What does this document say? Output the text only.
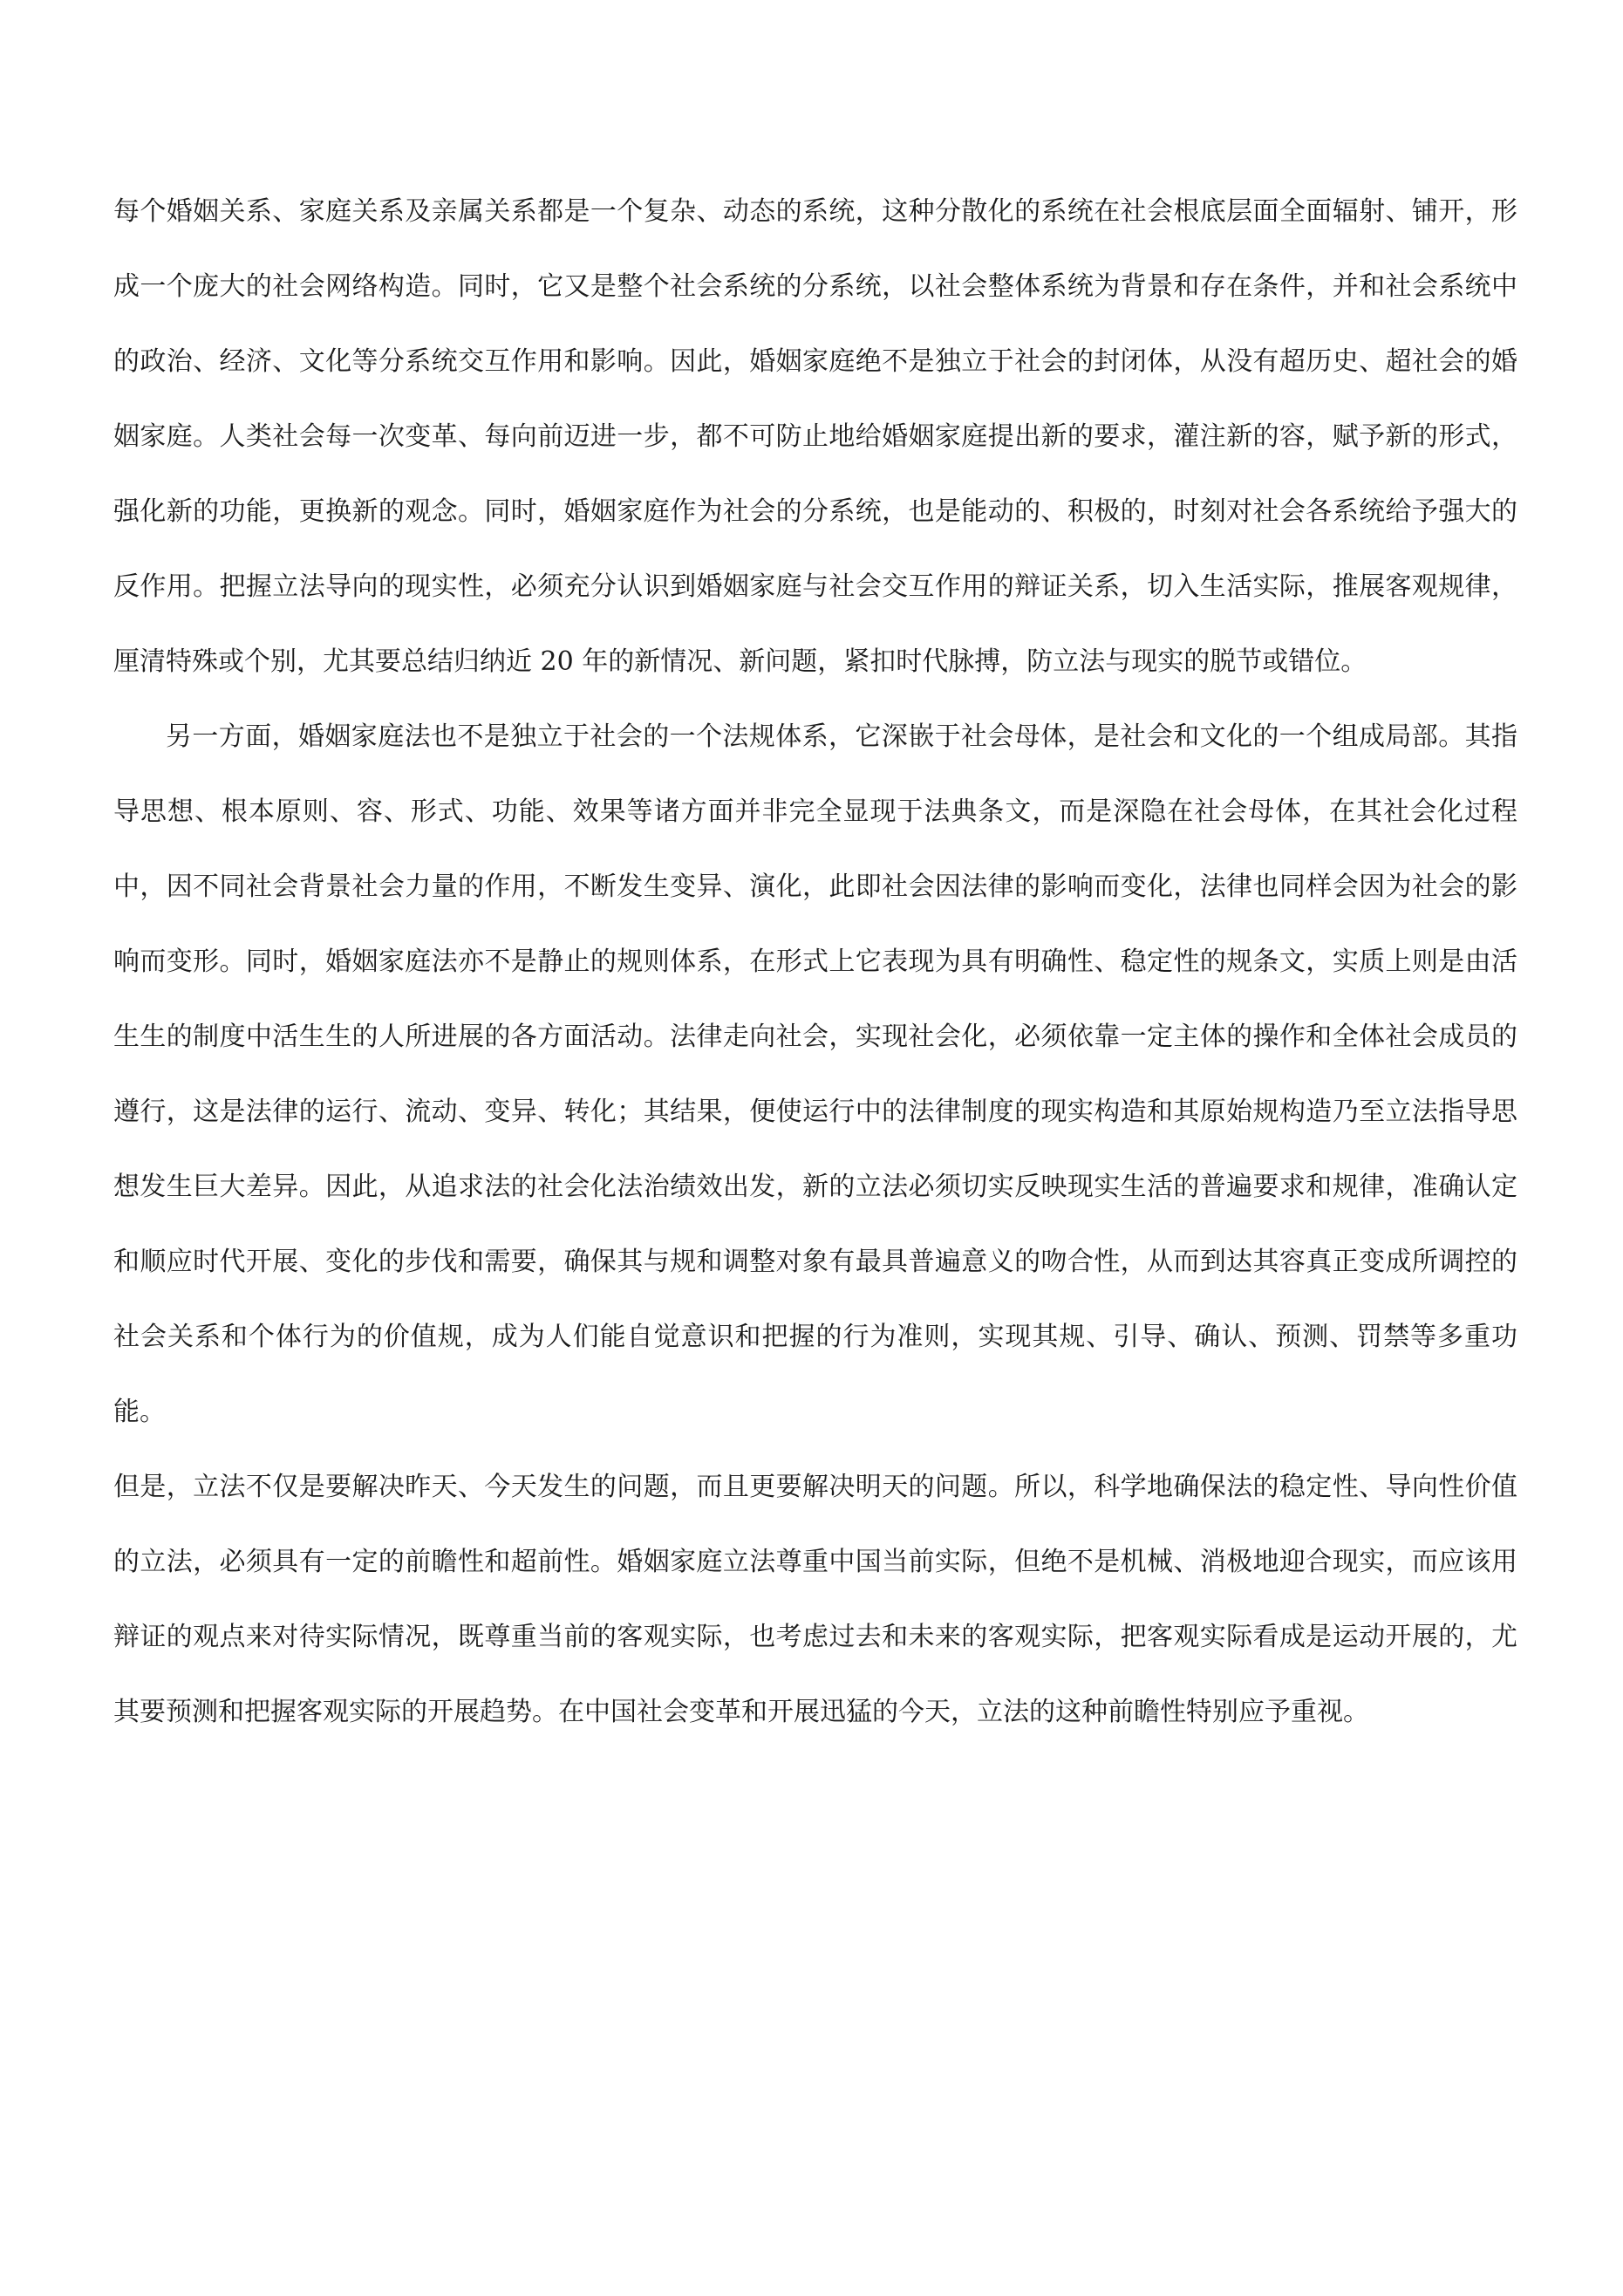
每个婚姻关系、家庭关系及亲属关系都是一个复杂、动态的系统，这种分散化的系统在社会根底层面全面辐射、铺开，形成一个庞大的社会网络构造。同时，它又是整个社会系统的分系统，以社会整体系统为背景和存在条件，并和社会系统中的政治、经济、文化等分系统交互作用和影响。因此，婚姻家庭绝不是独立于社会的封闭体，从没有超历史、超社会的婚姻家庭。人类社会每一次变革、每向前迈进一步，都不可防止地给婚姻家庭提出新的要求，灌注新的容，赋予新的形式，强化新的功能，更换新的观念。同时，婚姻家庭作为社会的分系统，也是能动的、积极的，时刻对社会各系统给予强大的反作用。把握立法导向的现实性，必须充分认识到婚姻家庭与社会交互作用的辩证关系，切入生活实际，推展客观规律，厘清特殊或个别，尤其要总结归纳近 20 年的新情况、新问题，紧扣时代脉搏，防立法与现实的脱节或错位。

另一方面，婚姻家庭法也不是独立于社会的一个法规体系，它深嵌于社会母体，是社会和文化的一个组成局部。其指导思想、根本原则、容、形式、功能、效果等诸方面并非完全显现于法典条文，而是深隐在社会母体，在其社会化过程中，因不同社会背景社会力量的作用，不断发生变异、演化，此即社会因法律的影响而变化，法律也同样会因为社会的影响而变形。同时，婚姻家庭法亦不是静止的规则体系，在形式上它表现为具有明确性、稳定性的规条文，实质上则是由活生生的制度中活生生的人所进展的各方面活动。法律走向社会，实现社会化，必须依靠一定主体的操作和全体社会成员的遵行，这是法律的运行、流动、变异、转化；其结果，便使运行中的法律制度的现实构造和其原始规构造乃至立法指导思想发生巨大差异。因此，从追求法的社会化法治绩效出发，新的立法必须切实反映现实生活的普遍要求和规律，准确认定和顺应时代开展、变化的步伐和需要，确保其与规和调整对象有最具普遍意义的吻合性，从而到达其容真正变成所调控的社会关系和个体行为的价值规，成为人们能自觉意识和把握的行为准则，实现其规、引导、确认、预测、罚禁等多重功能。

但是，立法不仅是要解决昨天、今天发生的问题，而且更要解决明天的问题。所以，科学地确保法的稳定性、导向性价值的立法，必须具有一定的前瞻性和超前性。婚姻家庭立法尊重中国当前实际，但绝不是机械、消极地迎合现实，而应该用辩证的观点来对待实际情况，既尊重当前的客观实际，也考虑过去和未来的客观实际，把客观实际看成是运动开展的，尤其要预测和把握客观实际的开展趋势。在中国社会变革和开展迅猛的今天，立法的这种前瞻性特别应予重视。
